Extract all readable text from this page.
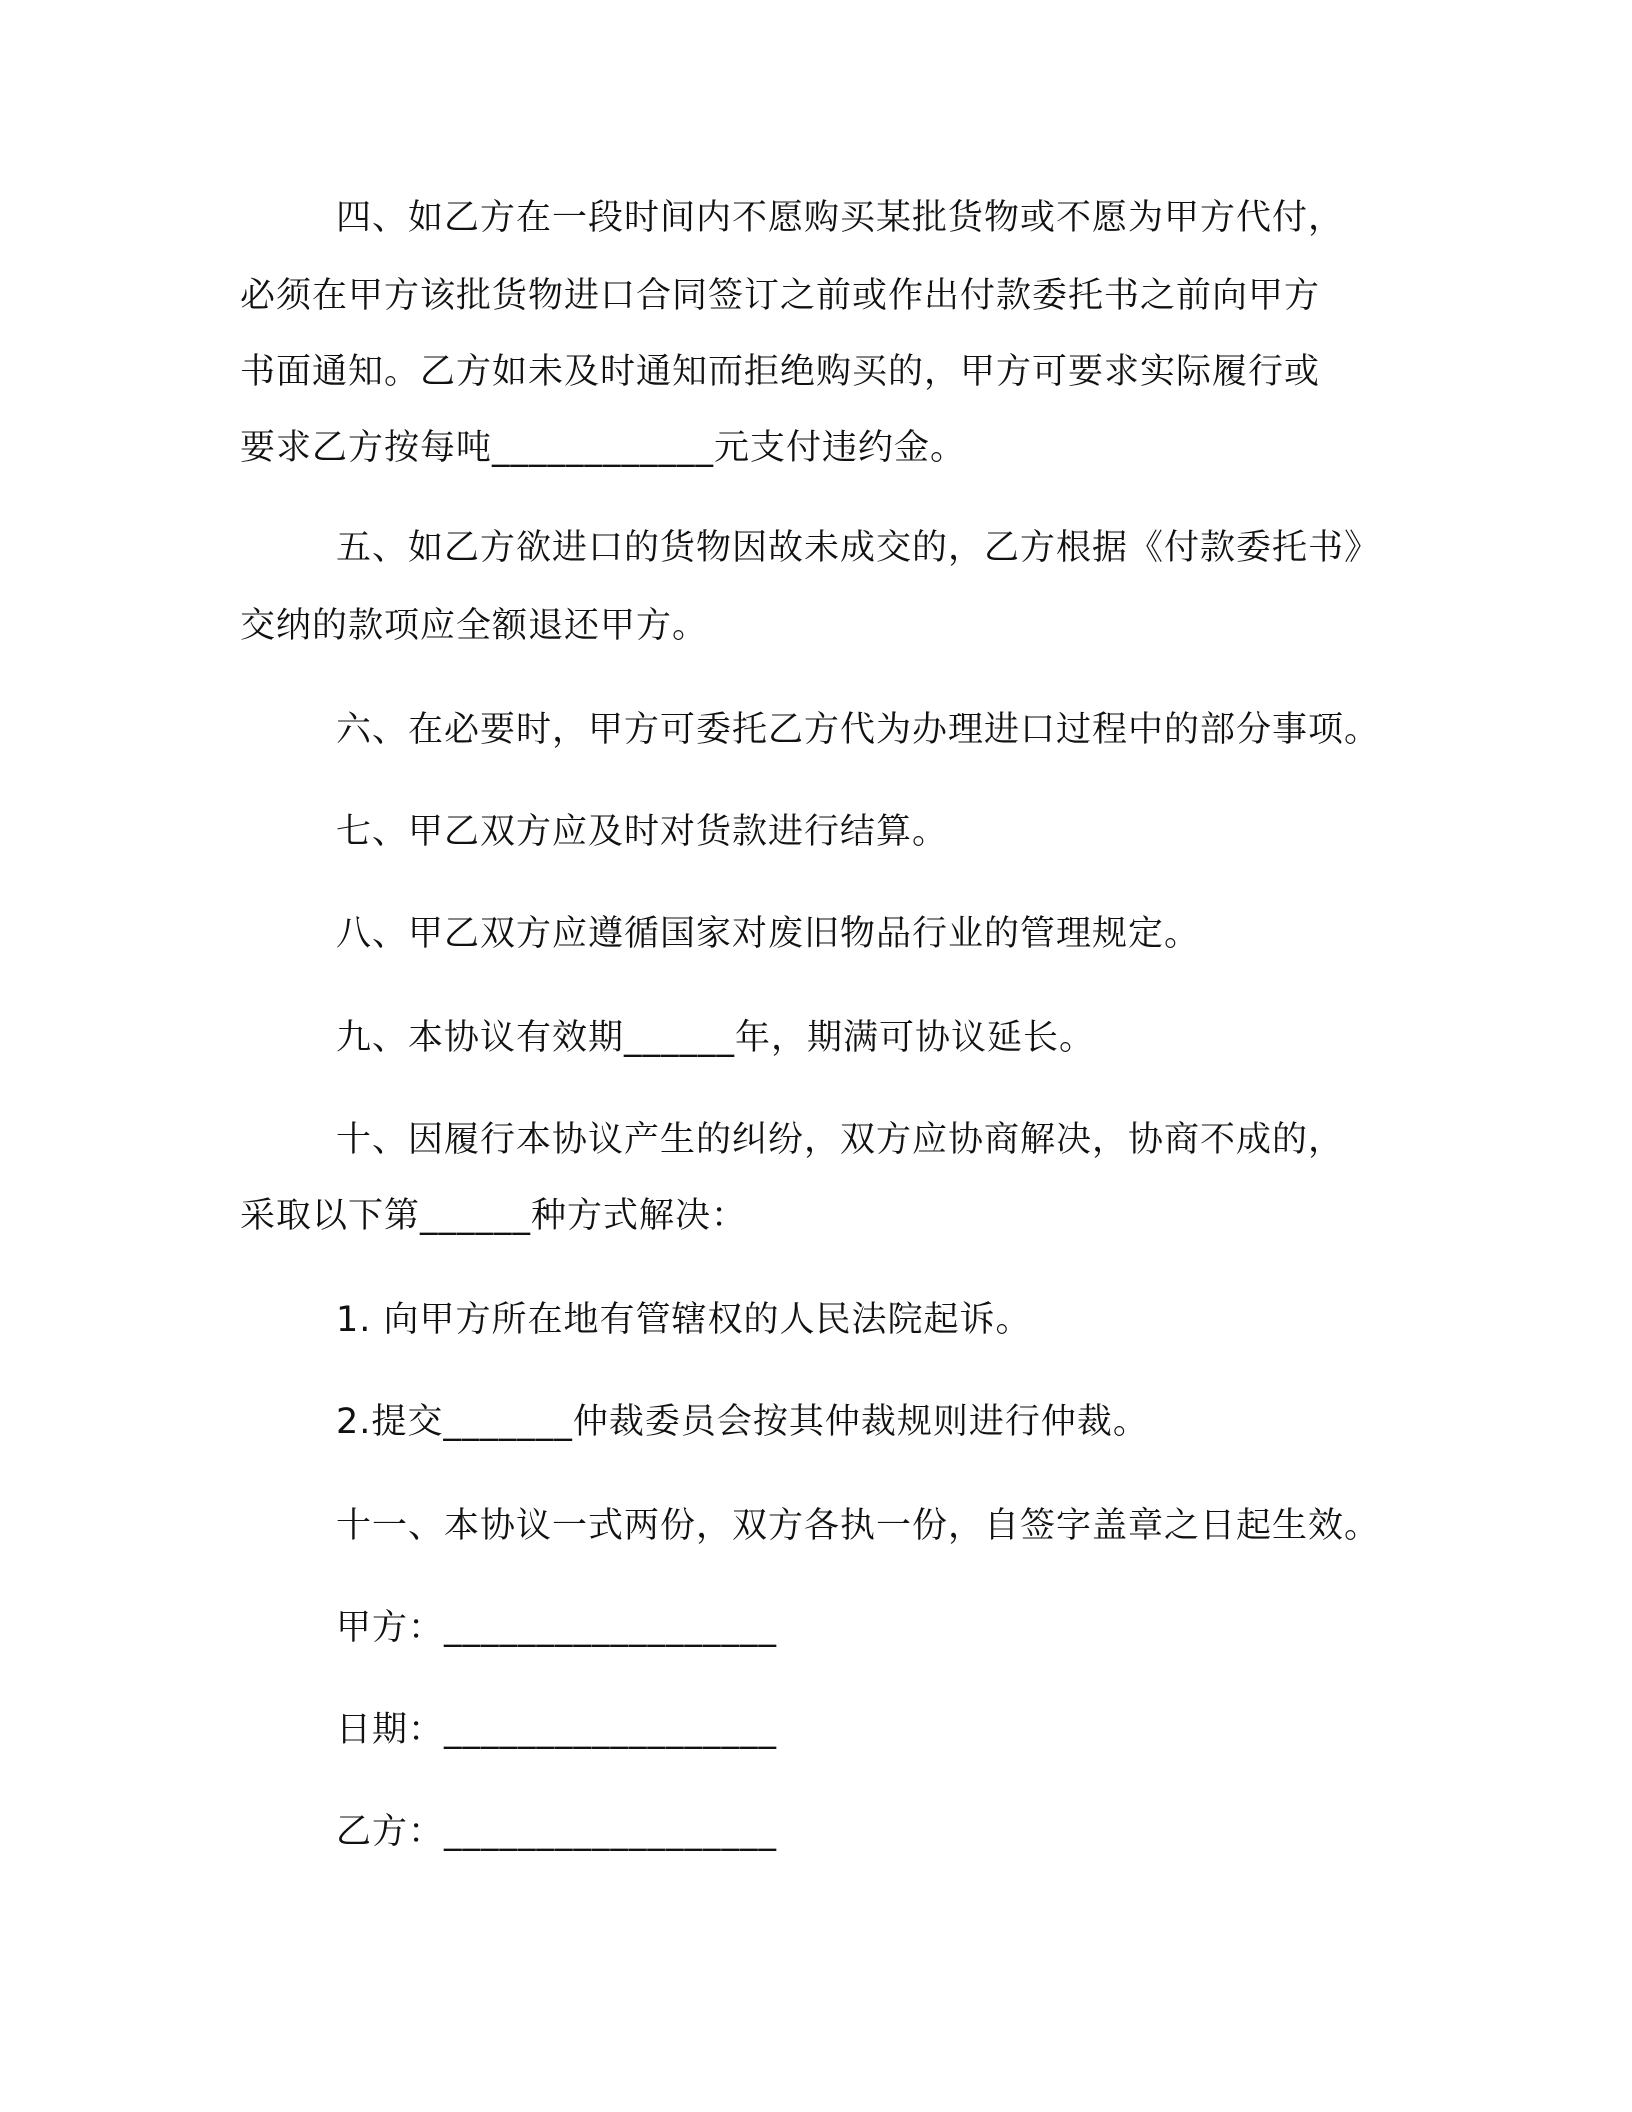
四、如乙方在一段时间内不愿购买某批货物或不愿为甲方代付，
必须在甲方该批货物进口合同签订之前或作出付款委托书之前向甲方
书面通知。乙方如未及时通知而拒绝购买的，甲方可要求实际履行或
要求乙方按每吨____________元支付违约金。
五、如乙方欲进口的货物因故未成交的，乙方根据《付款委托书》
交纳的款项应全额退还甲方。
六、在必要时，甲方可委托乙方代为办理进口过程中的部分事项。
七、甲乙双方应及时对货款进行结算。
八、甲乙双方应遵循国家对废旧物品行业的管理规定。
九、本协议有效期______年，期满可协议延长。
十、因履行本协议产生的纠纷，双方应协商解决，协商不成的，
采取以下第______种方式解决：
1. 向甲方所在地有管辖权的人民法院起诉。
2.提交_______仲裁委员会按其仲裁规则进行仲裁。
十一、本协议一式两份，双方各执一份，自签字盖章之日起生效。
甲方：__________________
日期：__________________
乙方：__________________
